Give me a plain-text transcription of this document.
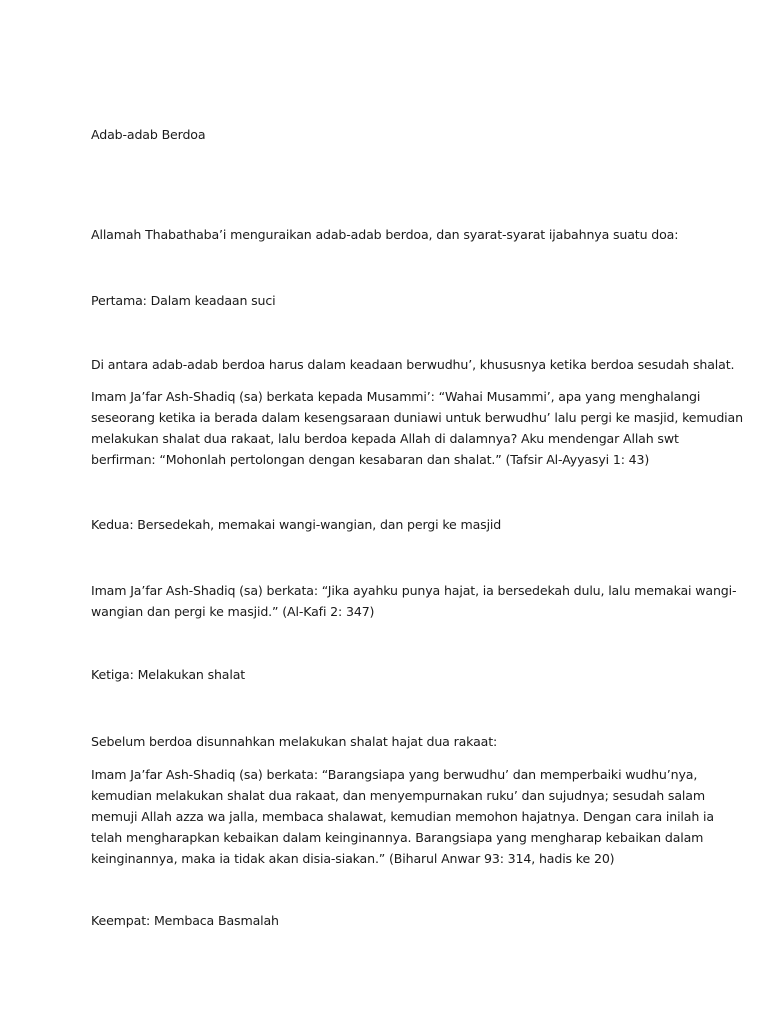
Adab-adab Berdoa

Allamah Thabathaba’i menguraikan adab-adab berdoa, dan syarat-syarat ijabahnya suatu doa:

Pertama: Dalam keadaan suci

Di antara adab-adab berdoa harus dalam keadaan berwudhu’, khususnya ketika berdoa sesudah shalat.

Imam Ja’far Ash-Shadiq (sa) berkata kepada Musammi’: “Wahai Musammi’, apa yang menghalangi
seseorang ketika ia berada dalam kesengsaraan duniawi untuk berwudhu’ lalu pergi ke masjid, kemudian
melakukan shalat dua rakaat, lalu berdoa kepada Allah di dalamnya? Aku mendengar Allah swt
berfirman: “Mohonlah pertolongan dengan kesabaran dan shalat.” (Tafsir Al-Ayyasyi 1: 43)

Kedua: Bersedekah, memakai wangi-wangian, dan pergi ke masjid

Imam Ja’far Ash-Shadiq (sa) berkata: “Jika ayahku punya hajat, ia bersedekah dulu, lalu memakai wangi-
wangian dan pergi ke masjid.” (Al-Kafi 2: 347)

Ketiga: Melakukan shalat

Sebelum berdoa disunnahkan melakukan shalat hajat dua rakaat:

Imam Ja’far Ash-Shadiq (sa) berkata: “Barangsiapa yang berwudhu’ dan memperbaiki wudhu’nya,
kemudian melakukan shalat dua rakaat, dan menyempurnakan ruku’ dan sujudnya; sesudah salam
memuji Allah azza wa jalla, membaca shalawat, kemudian memohon hajatnya. Dengan cara inilah ia
telah mengharapkan kebaikan dalam keinginannya. Barangsiapa yang mengharap kebaikan dalam
keinginannya, maka ia tidak akan disia-siakan.” (Biharul Anwar 93: 314, hadis ke 20)

Keempat: Membaca Basmalah
